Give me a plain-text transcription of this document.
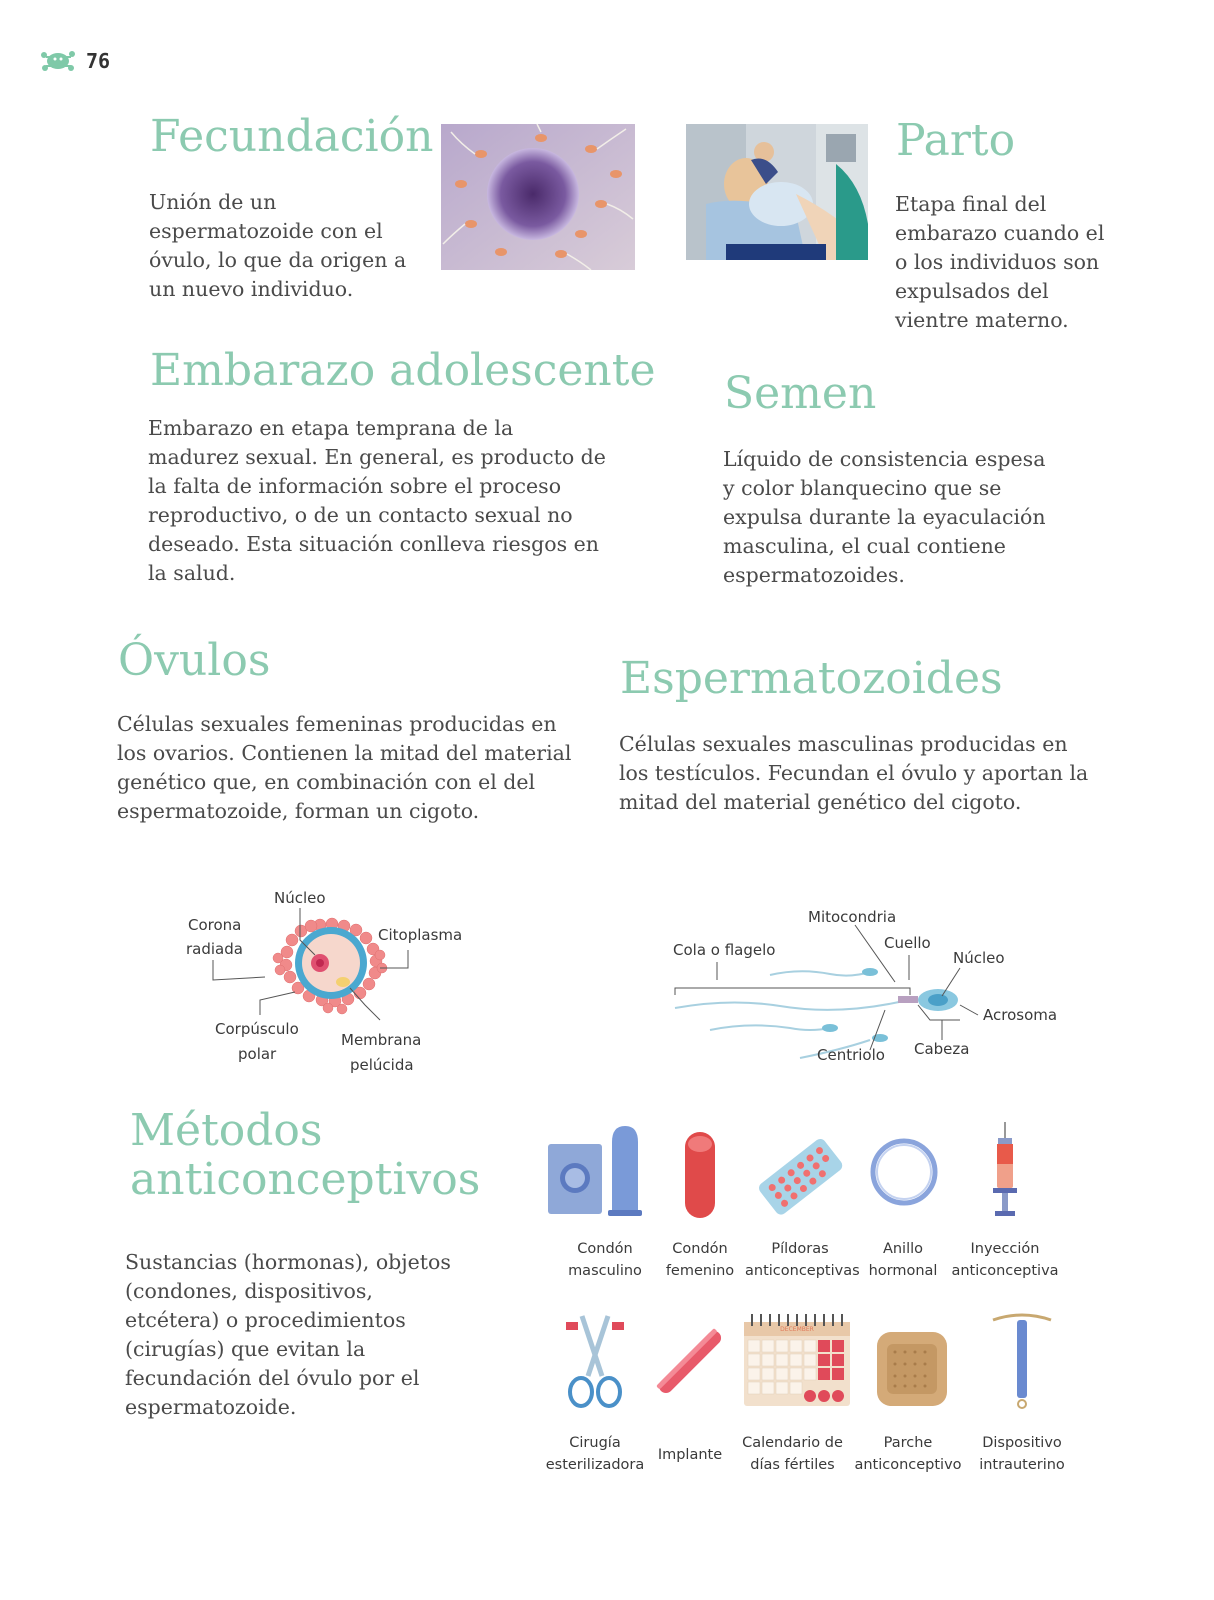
76
Fecundación

Unión de un espermatozoide con el óvulo, lo que da origen a un nuevo individuo.

Parto

Etapa final del embarazo cuando el o los individuos son expulsados del vientre materno.

Embarazo adolescente

Embarazo en etapa temprana de la madurez sexual. En general, es producto de la falta de información sobre el proceso reproductivo, o de un contacto sexual no deseado. Esta situación conlleva riesgos en la salud.

Semen

Líquido de consistencia espesa y color blanquecino que se expulsa durante la eyaculación masculina, el cual contiene espermatozoides.

Óvulos

Células sexuales femeninas producidas en los ovarios. Contienen la mitad del material genético que, en combinación con el del espermatozoide, forman un cigoto.

Espermatozoides

Células sexuales masculinas producidas en los testículos. Fecundan el óvulo y aportan la mitad del material genético del cigoto.

Núcleo
Corona
radiada
Citoplasma
Corpúsculo
polar
Membrana
pelúcida
Mitocondria
Cola o flagelo	Cuello
Núcleo
Acrosoma
Centriolo Cabeza
Métodos
anticonceptivos

Sustancias (hormonas), objetos (condones, dispositivos, etcétera) o procedimientos (cirugías) que evitan la fecundación del óvulo por el espermatozoide.

Condón
masculino
Condón
femenino
Píldoras
anticonceptivas
Anillo
hormonal
Inyección
anticonceptiva
Cirugía
esterilizadora
Implante
DECEMBER
Calendario de
días fértiles
Parche
anticonceptivo
Dispositivo
intrauterino
